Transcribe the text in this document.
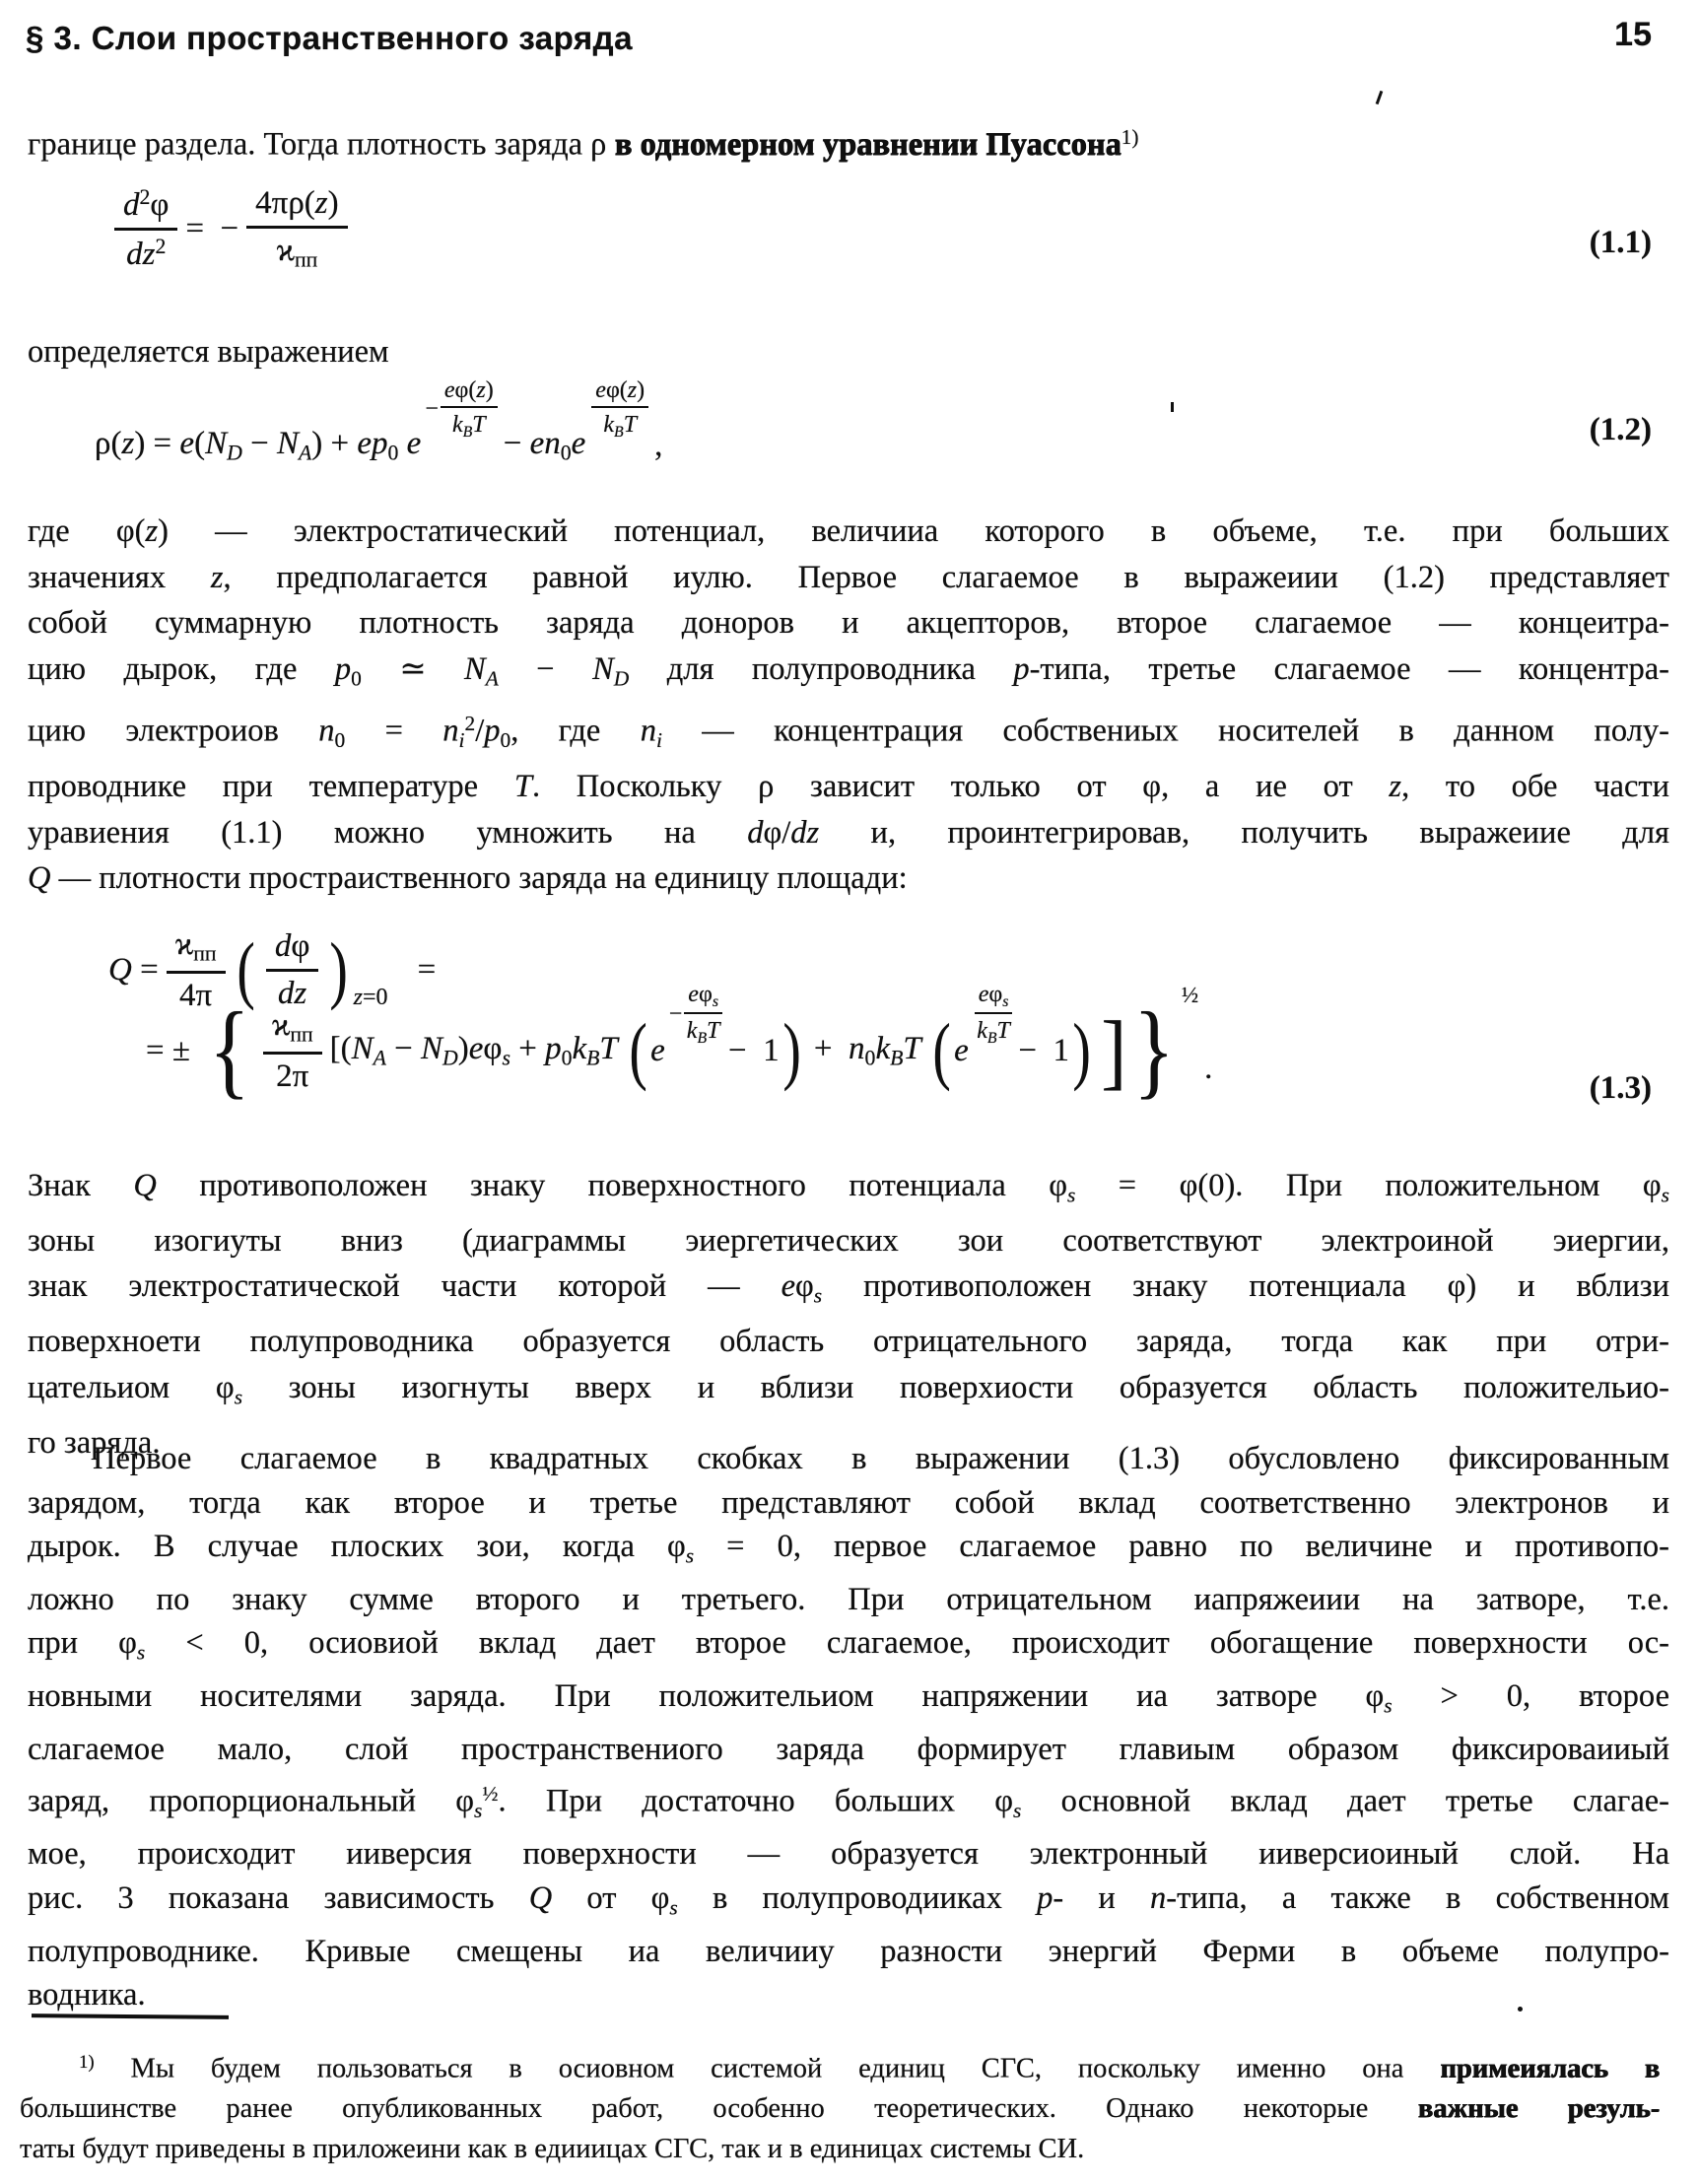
§ 3. Слои пространственного заряда	15
границе раздела. Тогда плотность заряда ρ в одномерном уравнении Пуассона$^{1)}$
$\frac{d^2\varphi}{dz^2}$ =  − $\frac{4\pi\rho(z)}{ϰ_{пп}}$	(1.1)
определяется выражением
$\rho(z) = e(N_D - N_A) + ep_0$ e
− $\frac{e\varphi(z)}{k_BT}$
− $en_0e$
$\frac{e\varphi(z)}{k_BT}$
,	(1.2)
где φ(z) — электростатический потенциал, величииа которого в объеме, т.е. при больших
значениях z, предполагается равной иулю. Первое слагаемое в выражеиии (1.2) представляет
собой суммарную плотность заряда доноров и акцепторов, второе слагаемое — концеитра-
цию дырок, где $p_0$ ≃ $N_A - N_D$ для полупроводника p-типа, третье слагаемое — концентра-
цию электроиов $n_0 = n_i^2/p_0$, где $n_i$ — концентрация собствениых носителей в данном полу-
проводнике при температуре T. Поскольку ρ зависит только от φ, а ие от z, то обе части
уравиения (1.1) можно умножить на dφ/dz и, проинтегрировав, получить выражеиие для
Q — плотности простраиственного заряда на единицу площади:
$Q = \frac{ϰ_{пп}}{4\pi}$ ( $\frac{d\varphi}{dz}$ ) z=0
=
= ± { $\frac{ϰ_{пп}}{2\pi} [(N_A - N_D)e\varphi_s + p_0k_BT$ ( e
− $\frac{e\varphi_s}{k_BT}$
−  1 ) +  $n_0k_BT$ ( e
$\frac{e\varphi_s}{k_BT}$
−  1 ) ] } ½
.
(1.3)
Знак Q противоположен знаку поверхностного потенциала $\varphi_s = \varphi(0)$. При положительном $\varphi_s$
зоны изогиуты вниз (диаграммы эиергетических зои соответствуют электроиной эиергии,
знак электростатической части которой — $e\varphi_s$ противоположен знаку потенциала φ) и вблизи
поверхноети полупроводника образуется область отрицательного заряда, тогда как при отри-
цательиом $\varphi_s$ зоны изогнуты вверх и вблизи поверхиости образуется область положительио-
го заряда.
Первое слагаемое в квадратных скобках в выражении (1.3) обусловлено фиксированным
зарядом, тогда как второе и третье представляют собой вклад соответственно электронов и
дырок. В случае плоских зои, когда $\varphi_s = 0$, первое слагаемое равно по величине и противопо-
ложно по знаку сумме второго и третьего. При отрицательном иапряжеиии на затворе, т.е.
при $\varphi_s < 0$, осиовиой вклад дает второе слагаемое, происходит обогащение поверхности ос-
новными носителями заряда. При положительиом напряжении иа затворе $\varphi_s > 0$, второе
слагаемое мало, слой пространствениого заряда формирует главиым образом фиксироваииый
заряд, пропорциональный $\varphi_s^{\frac{1}{2}}$. При достаточно больших $\varphi_s$ основной вклад дает третье слагае-
мое, происходит ииверсия поверхности — образуется электронный ииверсиоиный слой. На
рис. 3 показана зависимость Q от $\varphi_s$ в полупроводииках p- и n-типа, а также в собственном
полупроводнике. Кривые смещены иа величииу разности энергий Ферми в объеме полупро-
водника.
$^{1)}$ Мы будем пользоваться в осиовном системой единиц СГС, поскольку именно она примеиялась в
большинстве ранее опубликованных работ, особенно теоретических. Однако некоторые важные резуль-
таты будут приведены в приложеини как в едииицах СГС, так и в единицах системы СИ.
